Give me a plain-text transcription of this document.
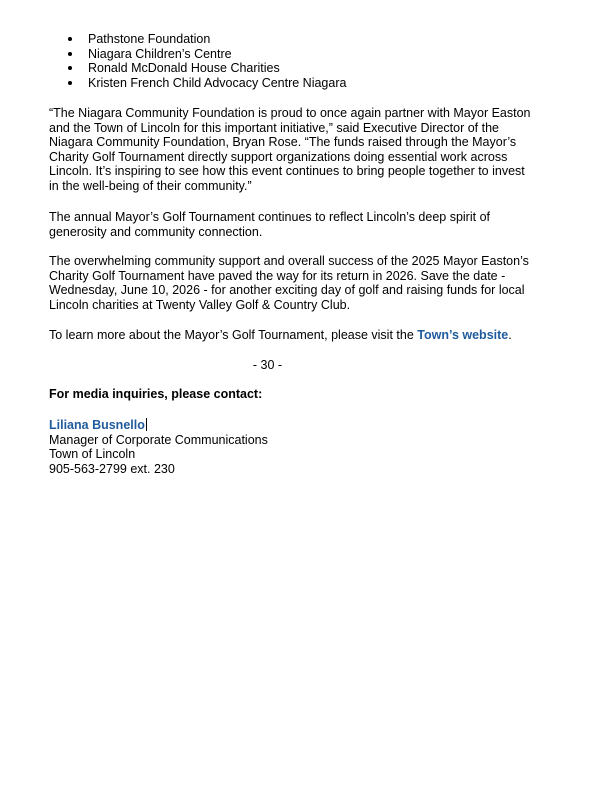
Pathstone Foundation
Niagara Children’s Centre
Ronald McDonald House Charities
Kristen French Child Advocacy Centre Niagara

“The Niagara Community Foundation is proud to once again partner with Mayor Easton
and the Town of Lincoln for this important initiative,” said Executive Director of the
Niagara Community Foundation, Bryan Rose. “The funds raised through the Mayor’s
Charity Golf Tournament directly support organizations doing essential work across
Lincoln. It’s inspiring to see how this event continues to bring people together to invest
in the well-being of their community.”

The annual Mayor’s Golf Tournament continues to reflect Lincoln’s deep spirit of
generosity and community connection.

The overwhelming community support and overall success of the 2025 Mayor Easton’s
Charity Golf Tournament have paved the way for its return in 2026. Save the date -
Wednesday, June 10, 2026 - for another exciting day of golf and raising funds for local
Lincoln charities at Twenty Valley Golf & Country Club.

To learn more about the Mayor’s Golf Tournament, please visit the Town’s website.

- 30 -
For media inquiries, please contact:
Liliana Busnello
Manager of Corporate Communications
Town of Lincoln
905-563-2799 ext. 230
